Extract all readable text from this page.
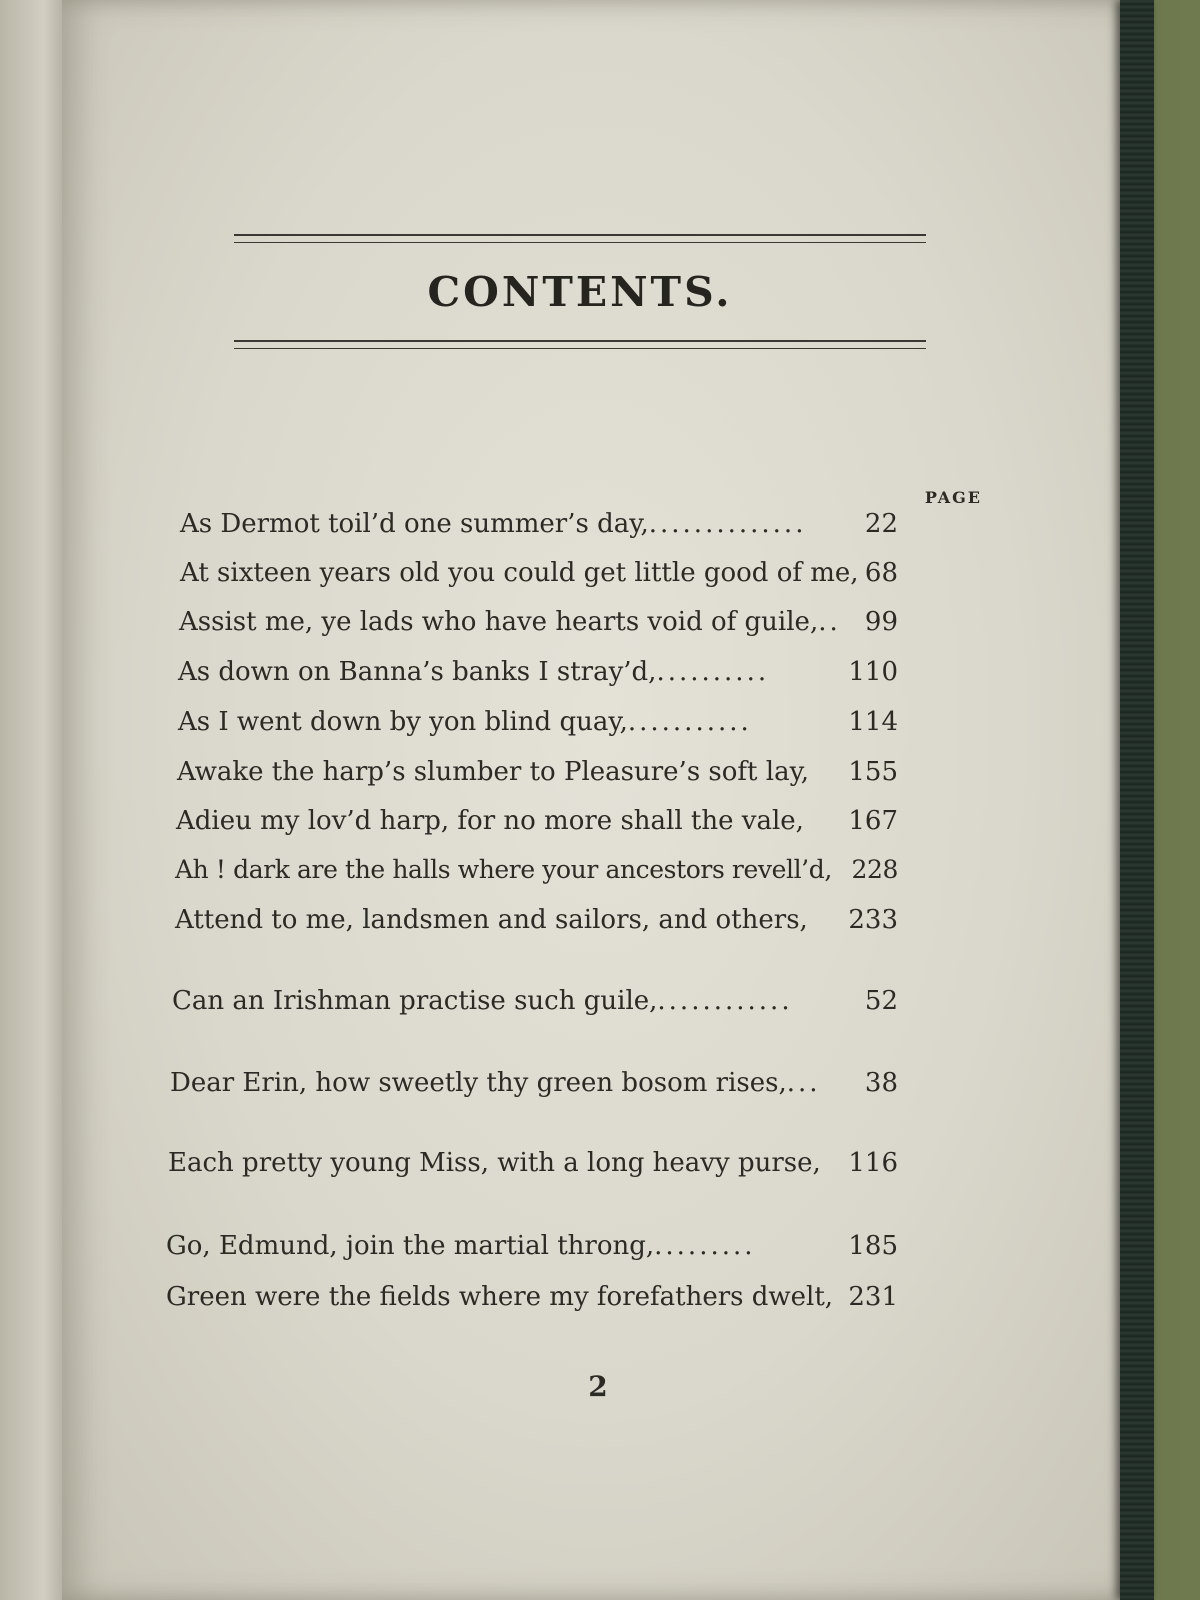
CONTENTS.
PAGE
As Dermot toil’d one summer’s day, ..............	22
At sixteen years old you could get little good of me, 68
Assist me, ye lads who have hearts void of guile, .. 99
As down on Banna’s banks I stray’d, ..........	110
As I went down by yon blind quay, ...........	114
Awake the harp’s slumber to Pleasure’s soft lay, 155
Adieu my lov’d harp, for no more shall the vale, 167
Ah ! dark are the halls where your ancestors revell’d, 228
Attend to me, landsmen and sailors, and others, 233
Can an Irishman practise such guile, ............	52
Dear Erin, how sweetly thy green bosom rises, ...	38
Each pretty young Miss, with a long heavy purse, 116
Go, Edmund, join the martial throng, .........	185
Green were the fields where my forefathers dwelt, 231
2
